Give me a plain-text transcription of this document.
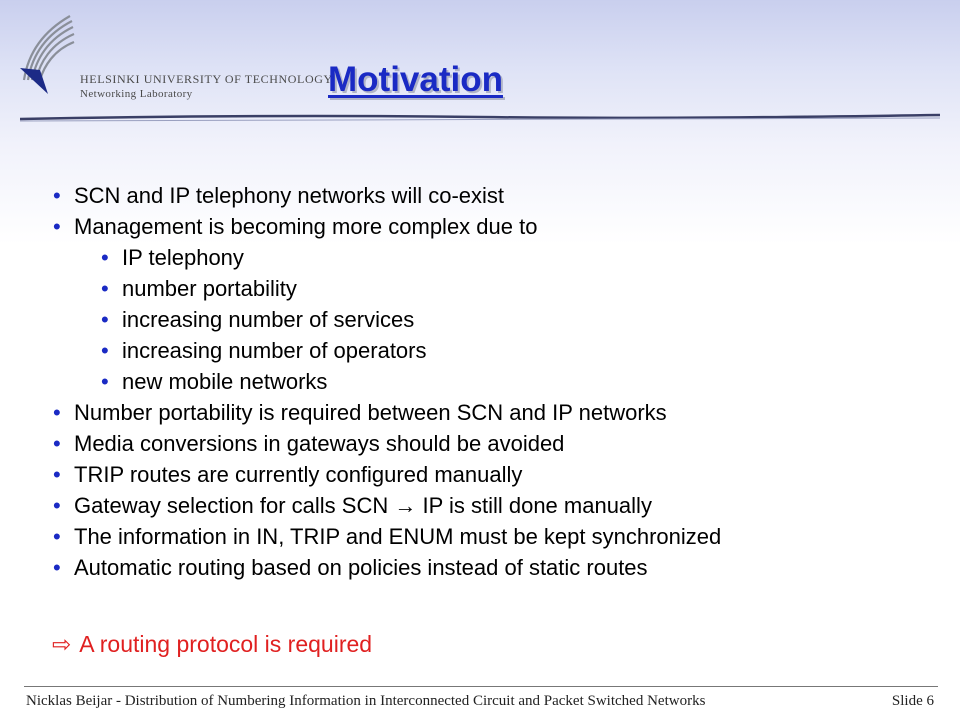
HELSINKI UNIVERSITY OF TECHNOLOGY
Networking Laboratory	Motivation
• SCN and IP telephony networks will co-exist
• Management is becoming more complex due to
• IP telephony
• number portability
• increasing number of services
• increasing number of operators
• new mobile networks
• Number portability is required between SCN and IP networks
• Media conversions in gateways should be avoided
• TRIP routes are currently configured manually
• Gateway selection for calls SCN → IP is still done manually
• The information in IN, TRIP and ENUM must be kept synchronized
• Automatic routing based on policies instead of static routes
⇨ A routing protocol is required
Nicklas Beijar - Distribution of Numbering Information in Interconnected Circuit and Packet Switched Networks	Slide 6
